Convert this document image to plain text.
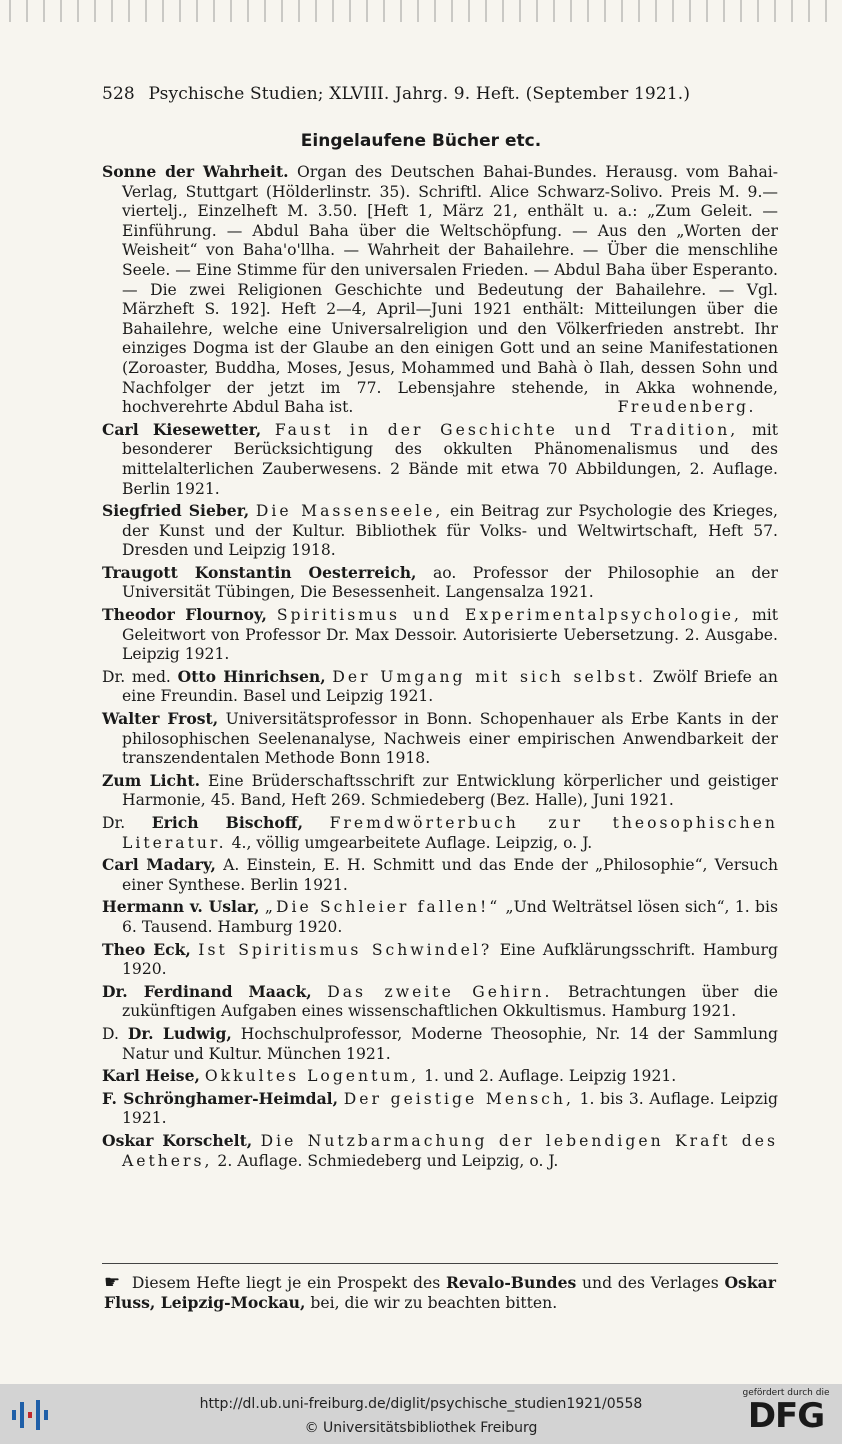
528 Psychische Studien; XLVIII. Jahrg. 9. Heft. (September 1921.)
Eingelaufene Bücher etc.
Sonne der Wahrheit. Organ des Deutschen Bahai-Bundes. Herausg. vom Bahai-Verlag, Stuttgart (Hölderlinstr. 35). Schriftl. Alice Schwarz-Solivo. Preis M. 9.— viertelj., Einzelheft M. 3.50. [Heft 1, März 21, enthält u. a.: „Zum Geleit. — Einführung. — Abdul Baha über die Weltschöpfung. — Aus den „Worten der Weisheit“ von Baha'o'llha. — Wahrheit der Bahailehre. — Über die menschlihe Seele. — Eine Stimme für den universalen Frieden. — Abdul Baha über Esperanto. — Die zwei Religionen Geschichte und Bedeutung der Bahailehre. — Vgl. Märzheft S. 192]. Heft 2—4, April—Juni 1921 enthält: Mitteilungen über die Bahailehre, welche eine Universalreligion und den Völkerfrieden anstrebt. Ihr einziges Dogma ist der Glaube an den einigen Gott und an seine Manifestationen (Zoroaster, Buddha, Moses, Jesus, Mohammed und Bahà ò Ilah, dessen Sohn und Nachfolger der jetzt im 77. Lebensjahre stehende, in Akka wohnende, hochverehrte Abdul Baha ist.	Freudenberg.
Carl Kiesewetter, Faust in der Geschichte und Tradition, mit besonderer Berücksichtigung des okkulten Phänomenalismus und des mittelalterlichen Zauberwesens. 2 Bände mit etwa 70 Abbildungen, 2. Auflage. Berlin 1921.
Siegfried Sieber, Die Massenseele, ein Beitrag zur Psychologie des Krieges, der Kunst und der Kultur. Bibliothek für Volks- und Weltwirtschaft, Heft 57. Dresden und Leipzig 1918.
Traugott Konstantin Oesterreich, ao. Professor der Philosophie an der Universität Tübingen, Die Besessenheit. Langensalza 1921.
Theodor Flournoy, Spiritismus und Experimentalpsychologie, mit Geleitwort von Professor Dr. Max Dessoir. Autorisierte Uebersetzung. 2. Ausgabe. Leipzig 1921.
Dr. med. Otto Hinrichsen, Der Umgang mit sich selbst. Zwölf Briefe an eine Freundin. Basel und Leipzig 1921.
Walter Frost, Universitätsprofessor in Bonn. Schopenhauer als Erbe Kants in der philosophischen Seelenanalyse, Nachweis einer empirischen Anwendbarkeit der transzendentalen Methode Bonn 1918.
Zum Licht. Eine Brüderschaftsschrift zur Entwicklung körperlicher und geistiger Harmonie, 45. Band, Heft 269. Schmiedeberg (Bez. Halle), Juni 1921.
Dr. Erich Bischoff, Fremdwörterbuch zur theosophischen Literatur. 4., völlig umgearbeitete Auflage. Leipzig, o. J.
Carl Madary, A. Einstein, E. H. Schmitt und das Ende der „Philosophie“, Versuch einer Synthese. Berlin 1921.
Hermann v. Uslar, „Die Schleier fallen!“ „Und Welträtsel lösen sich“, 1. bis 6. Tausend. Hamburg 1920.
Theo Eck, Ist Spiritismus Schwindel? Eine Aufklärungsschrift. Hamburg 1920.
Dr. Ferdinand Maack, Das zweite Gehirn. Betrachtungen über die zukünftigen Aufgaben eines wissenschaftlichen Okkultismus. Hamburg 1921.
D. Dr. Ludwig, Hochschulprofessor, Moderne Theosophie, Nr. 14 der Sammlung Natur und Kultur. München 1921.
Karl Heise, Okkultes Logentum, 1. und 2. Auflage. Leipzig 1921.
F. Schrönghamer-Heimdal, Der geistige Mensch, 1. bis 3. Auflage. Leipzig 1921.
Oskar Korschelt, Die Nutzbarmachung der lebendigen Kraft des Aethers, 2. Auflage. Schmiedeberg und Leipzig, o. J.
☛ Diesem Hefte liegt je ein Prospekt des Revalo-Bundes und des Verlages Oskar Fluss, Leipzig-Mockau, bei, die wir zu beachten bitten.
http://dl.ub.uni-freiburg.de/diglit/psychische_studien1921/0558
© Universitätsbibliothek Freiburg
gefördert durch die
DFG
